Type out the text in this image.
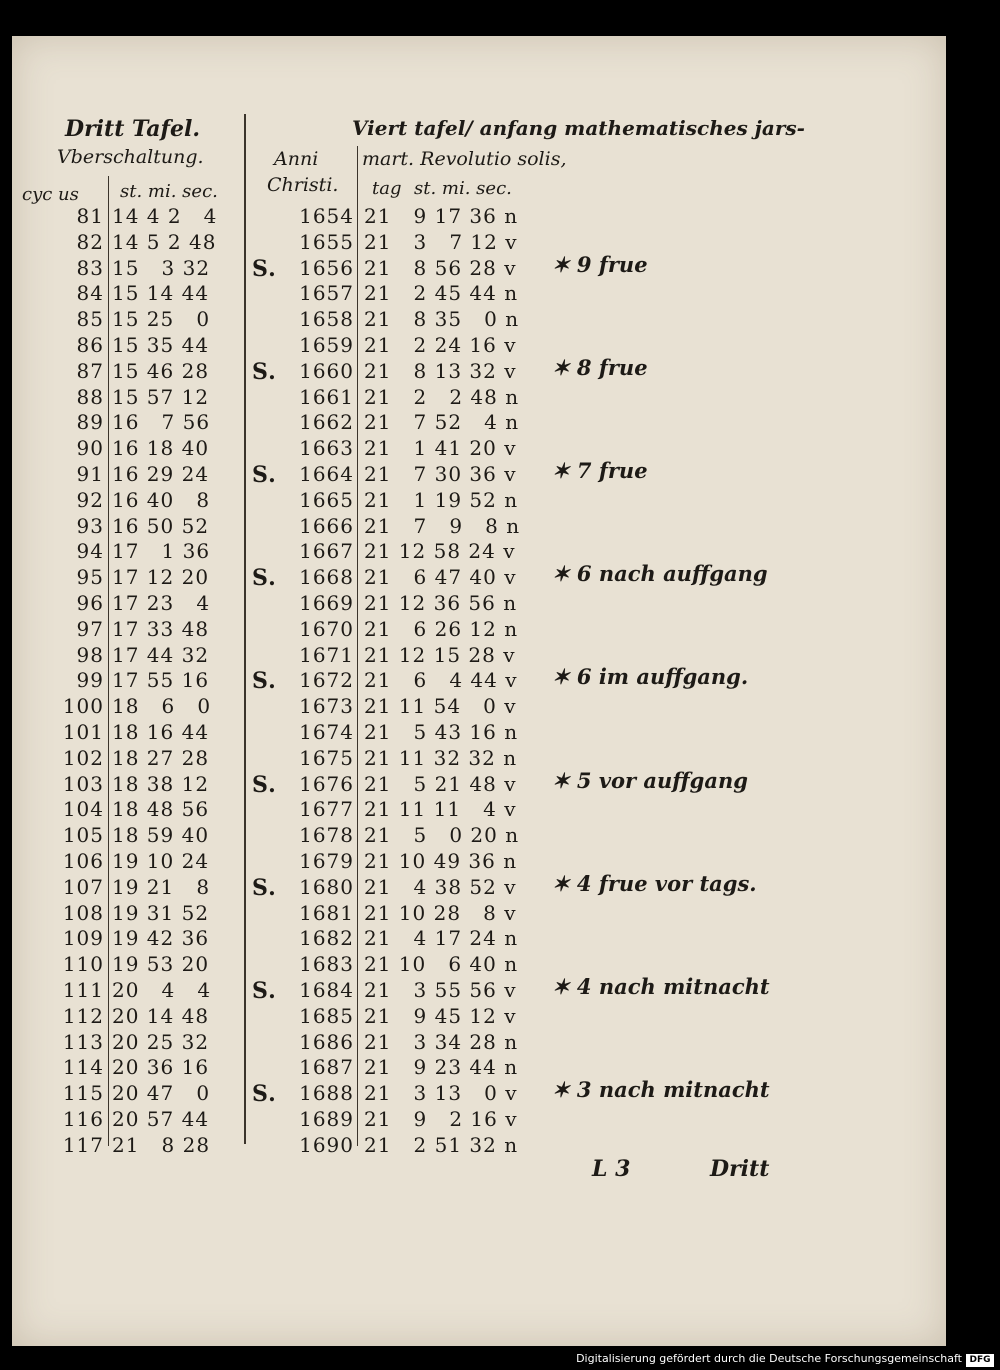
Dritt Tafel.
Vberschaltung.
Viert tafel/ anfang mathematisches jars-
Anni
Christi.
mart. Revolutio solis,
cyc us st. mi. sec.	tag st. mi. sec.
81 14 4 2   4
82 14 5 2 48
83 15   3 32
84 15 14 44
85 15 25   0
86 15 35 44
87 15 46 28
88 15 57 12
89 16   7 56
90 16 18 40
91 16 29 24
92 16 40   8
93 16 50 52
94 17   1 36
95 17 12 20
96 17 23   4
97 17 33 48
98 17 44 32
99 17 55 16
100 18   6   0
101 18 16 44
102 18 27 28
103 18 38 12
104 18 48 56
105 18 59 40
106 19 10 24
107 19 21   8
108 19 31 52
109 19 42 36
110 19 53 20
111 20   4   4
112 20 14 48
113 20 25 32
114 20 36 16
115 20 47   0
116 20 57 44
117 21   8 28
1654 21   9 17 36 n
1655 21   3   7 12 v
S. 1656 21   8 56 28 v
1657 21   2 45 44 n
1658 21   8 35   0 n
1659 21   2 24 16 v
S. 1660 21   8 13 32 v
1661 21   2   2 48 n
1662 21   7 52   4 n
1663 21   1 41 20 v
S. 1664 21   7 30 36 v
1665 21   1 19 52 n
1666 21   7   9   8 n
1667 21 12 58 24 v
S. 1668 21   6 47 40 v
1669 21 12 36 56 n
1670 21   6 26 12 n
1671 21 12 15 28 v
S. 1672 21   6   4 44 v
1673 21 11 54   0 v
1674 21   5 43 16 n
1675 21 11 32 32 n
S. 1676 21   5 21 48 v
1677 21 11 11   4 v
1678 21   5   0 20 n
1679 21 10 49 36 n
S. 1680 21   4 38 52 v
1681 21 10 28   8 v
1682 21   4 17 24 n
1683 21 10   6 40 n
S. 1684 21   3 55 56 v
1685 21   9 45 12 v
1686 21   3 34 28 n
1687 21   9 23 44 n
S. 1688 21   3 13   0 v
1689 21   9   2 16 v
1690 21   2 51 32 n
✶ 9 frue
✶ 8 frue
✶ 7 frue
✶ 6 nach auffgang
✶ 6 im auffgang.
✶ 5 vor auffgang
✶ 4 frue vor tags.
✶ 4 nach mitnacht
✶ 3 nach mitnacht
L 3	Dritt
Digitalisierung gefördert durch die Deutsche Forschungsgemeinschaft DFG
